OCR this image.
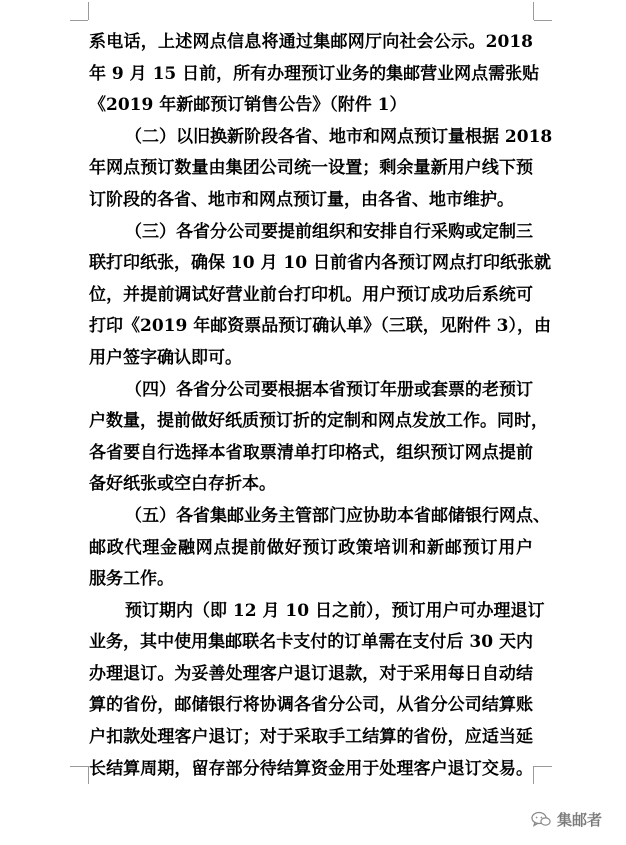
系电话，上述网点信息将通过集邮网厅向社会公示。2018
年 9 月 15 日前，所有办理预订业务的集邮营业网点需张贴
《2019 年新邮预订销售公告》（附件 1）
（二）以旧换新阶段各省、地市和网点预订量根据 2018
年网点预订数量由集团公司统一设置；剩余量新用户线下预
订阶段的各省、地市和网点预订量，由各省、地市维护。
（三）各省分公司要提前组织和安排自行采购或定制三
联打印纸张，确保 10 月 10 日前省内各预订网点打印纸张就
位，并提前调试好营业前台打印机。用户预订成功后系统可
打印《2019 年邮资票品预订确认单》（三联，见附件 3），由
用户签字确认即可。
（四）各省分公司要根据本省预订年册或套票的老预订
户数量，提前做好纸质预订折的定制和网点发放工作。同时，
各省要自行选择本省取票清单打印格式，组织预订网点提前
备好纸张或空白存折本。
（五）各省集邮业务主管部门应协助本省邮储银行网点、
邮政代理金融网点提前做好预订政策培训和新邮预订用户
服务工作。
预订期内（即 12 月 10 日之前），预订用户可办理退订
业务，其中使用集邮联名卡支付的订单需在支付后 30 天内
办理退订。为妥善处理客户退订退款，对于采用每日自动结
算的省份，邮储银行将协调各省分公司，从省分公司结算账
户扣款处理客户退订；对于采取手工结算的省份，应适当延
长结算周期，留存部分待结算资金用于处理客户退订交易。
集邮者
